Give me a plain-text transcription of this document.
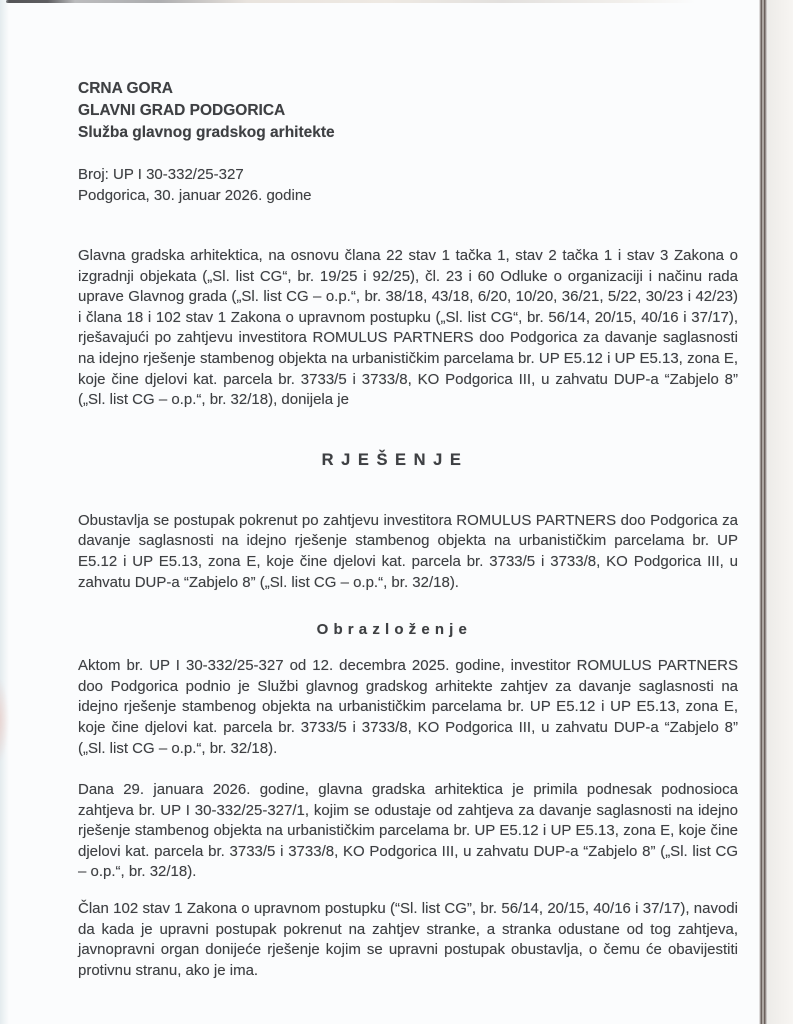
CRNA GORA
GLAVNI GRAD PODGORICA
Služba glavnog gradskog arhitekte
Broj: UP I 30-332/25-327
Podgorica, 30. januar 2026. godine

Glavna gradska arhitektica, na osnovu člana 22 stav 1 tačka 1, stav 2 tačka 1 i stav 3 Zakona o izgradnji objekata („Sl. list CG“, br. 19/25 i 92/25), čl. 23 i 60 Odluke o organizaciji i načinu rada uprave Glavnog grada („Sl. list CG – o.p.“, br. 38/18, 43/18, 6/20, 10/20, 36/21, 5/22, 30/23 i 42/23) i člana 18 i 102 stav 1 Zakona o upravnom postupku („Sl. list CG“, br. 56/14, 20/15, 40/16 i 37/17), rješavajući po zahtjevu investitora ROMULUS PARTNERS doo Podgorica za davanje saglasnosti na idejno rješenje stambenog objekta na urbanističkim parcelama br. UP E5.12 i UP E5.13, zona E, koje čine djelovi kat. parcela br. 3733/5 i 3733/8, KO Podgorica III, u zahvatu DUP-a “Zabjelo 8” („Sl. list CG – o.p.“, br. 32/18), donijela je

R J E Š E N J E

Obustavlja se postupak pokrenut po zahtjevu investitora ROMULUS PARTNERS doo Podgorica za davanje saglasnosti na idejno rješenje stambenog objekta na urbanističkim parcelama br. UP E5.12 i UP E5.13, zona E, koje čine djelovi kat. parcela br. 3733/5 i 3733/8, KO Podgorica III, u zahvatu DUP-a “Zabjelo 8” („Sl. list CG – o.p.“, br. 32/18).

O b r a z l o ž e n j e

Aktom br. UP I 30-332/25-327 od 12. decembra 2025. godine, investitor ROMULUS PARTNERS doo Podgorica podnio je Službi glavnog gradskog arhitekte zahtjev za davanje saglasnosti na idejno rješenje stambenog objekta na urbanističkim parcelama br. UP E5.12 i UP E5.13, zona E, koje čine djelovi kat. parcela br. 3733/5 i 3733/8, KO Podgorica III, u zahvatu DUP-a “Zabjelo 8” („Sl. list CG – o.p.“, br. 32/18).

Dana 29. januara 2026. godine, glavna gradska arhitektica je primila podnesak podnosioca zahtjeva br. UP I 30-332/25-327/1, kojim se odustaje od zahtjeva za davanje saglasnosti na idejno rješenje stambenog objekta na urbanističkim parcelama br. UP E5.12 i UP E5.13, zona E, koje čine djelovi kat. parcela br. 3733/5 i 3733/8, KO Podgorica III, u zahvatu DUP-a “Zabjelo 8” („Sl. list CG – o.p.“, br. 32/18).

Član 102 stav 1 Zakona o upravnom postupku (“Sl. list CG”, br. 56/14, 20/15, 40/16 i 37/17), navodi da kada je upravni postupak pokrenut na zahtjev stranke, a stranka odustane od tog zahtjeva, javnopravni organ donijeće rješenje kojim se upravni postupak obustavlja, o čemu će obavijestiti protivnu stranu, ako je ima.
